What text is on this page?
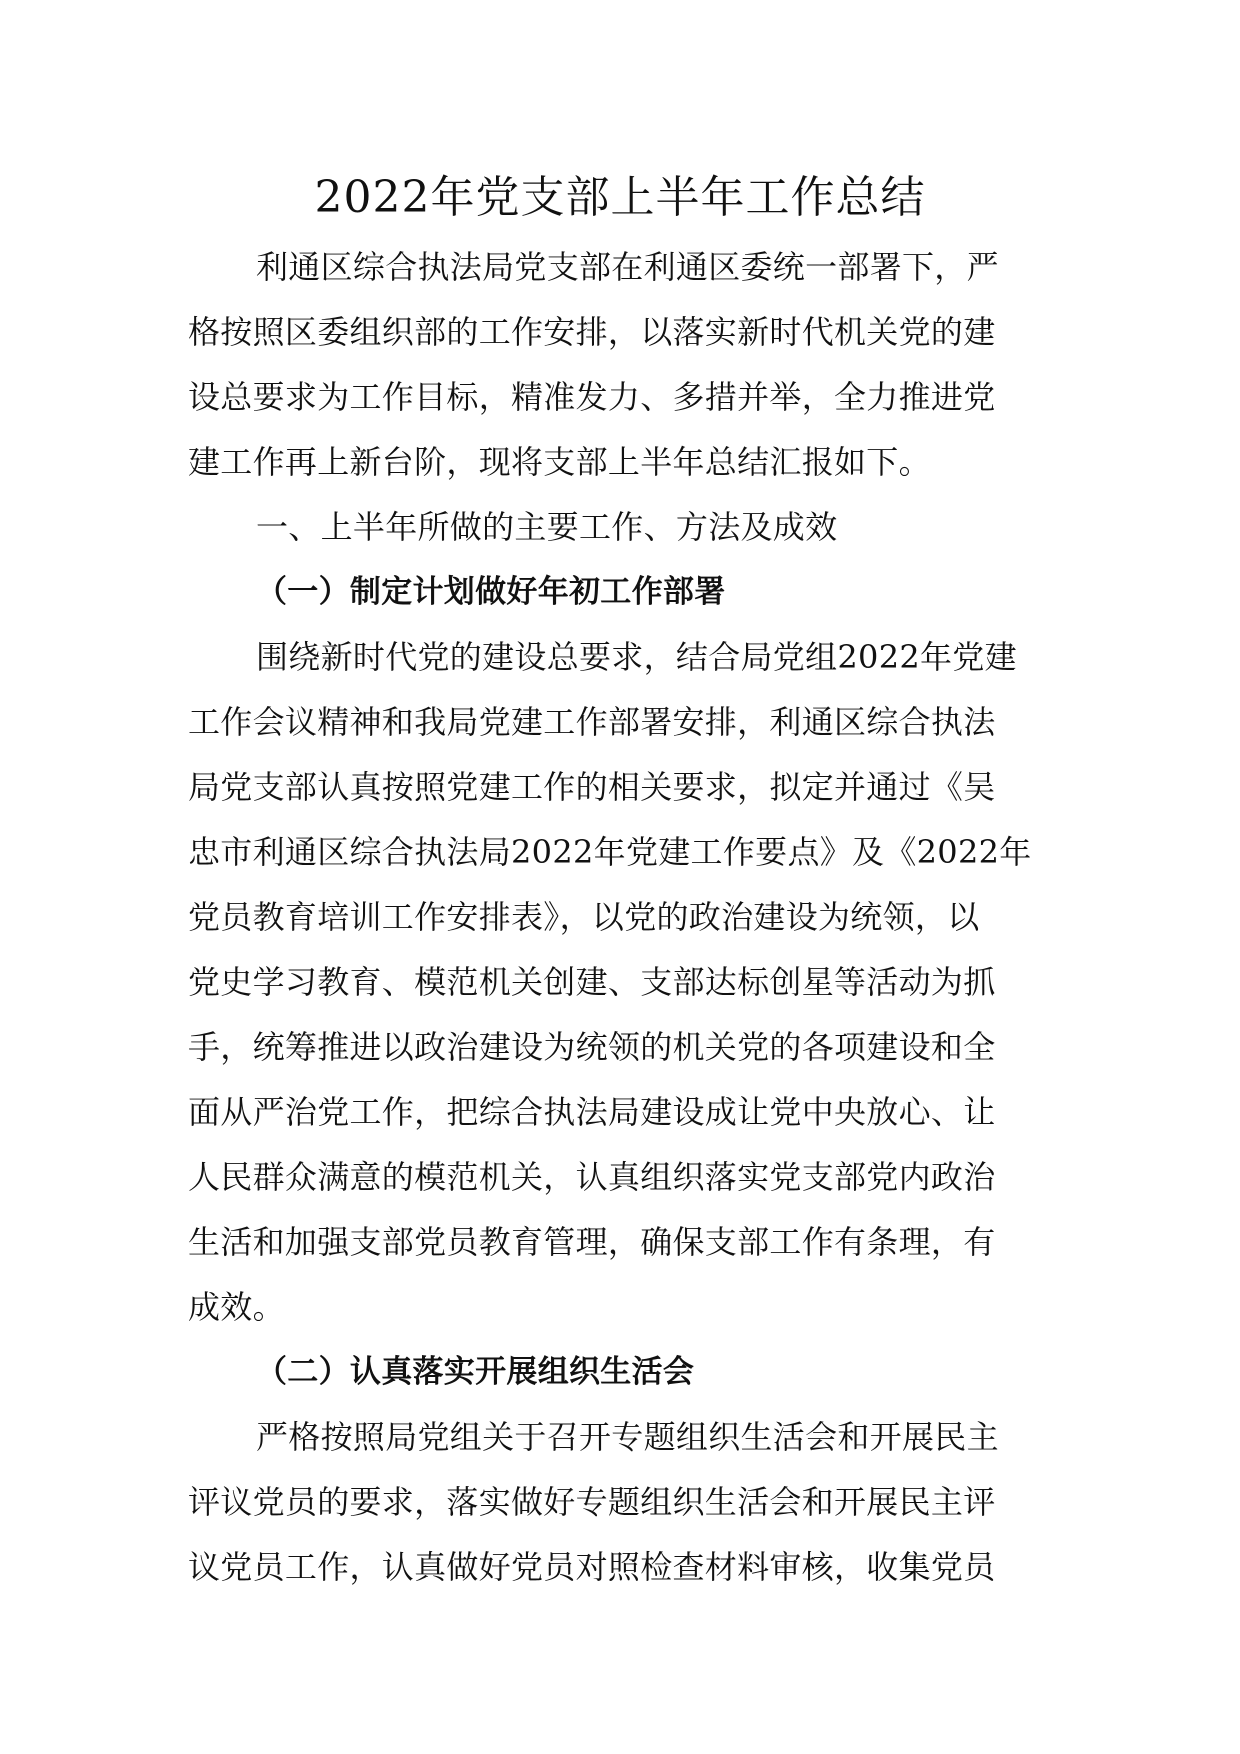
2022年党支部上半年工作总结
利通区综合执法局党支部在利通区委统一部署下，严
格按照区委组织部的工作安排，以落实新时代机关党的建
设总要求为工作目标，精准发力、多措并举，全力推进党
建工作再上新台阶，现将支部上半年总结汇报如下。
一、上半年所做的主要工作、方法及成效
（一）制定计划做好年初工作部署
围绕新时代党的建设总要求，结合局党组2022年党建
工作会议精神和我局党建工作部署安排，利通区综合执法
局党支部认真按照党建工作的相关要求，拟定并通过《吴
忠市利通区综合执法局2022年党建工作要点》及《2022年
党员教育培训工作安排表》，以党的政治建设为统领，以
党史学习教育、模范机关创建、支部达标创星等活动为抓
手，统筹推进以政治建设为统领的机关党的各项建设和全
面从严治党工作，把综合执法局建设成让党中央放心、让
人民群众满意的模范机关，认真组织落实党支部党内政治
生活和加强支部党员教育管理，确保支部工作有条理，有
成效。
（二）认真落实开展组织生活会
严格按照局党组关于召开专题组织生活会和开展民主
评议党员的要求，落实做好专题组织生活会和开展民主评
议党员工作，认真做好党员对照检查材料审核，收集党员
